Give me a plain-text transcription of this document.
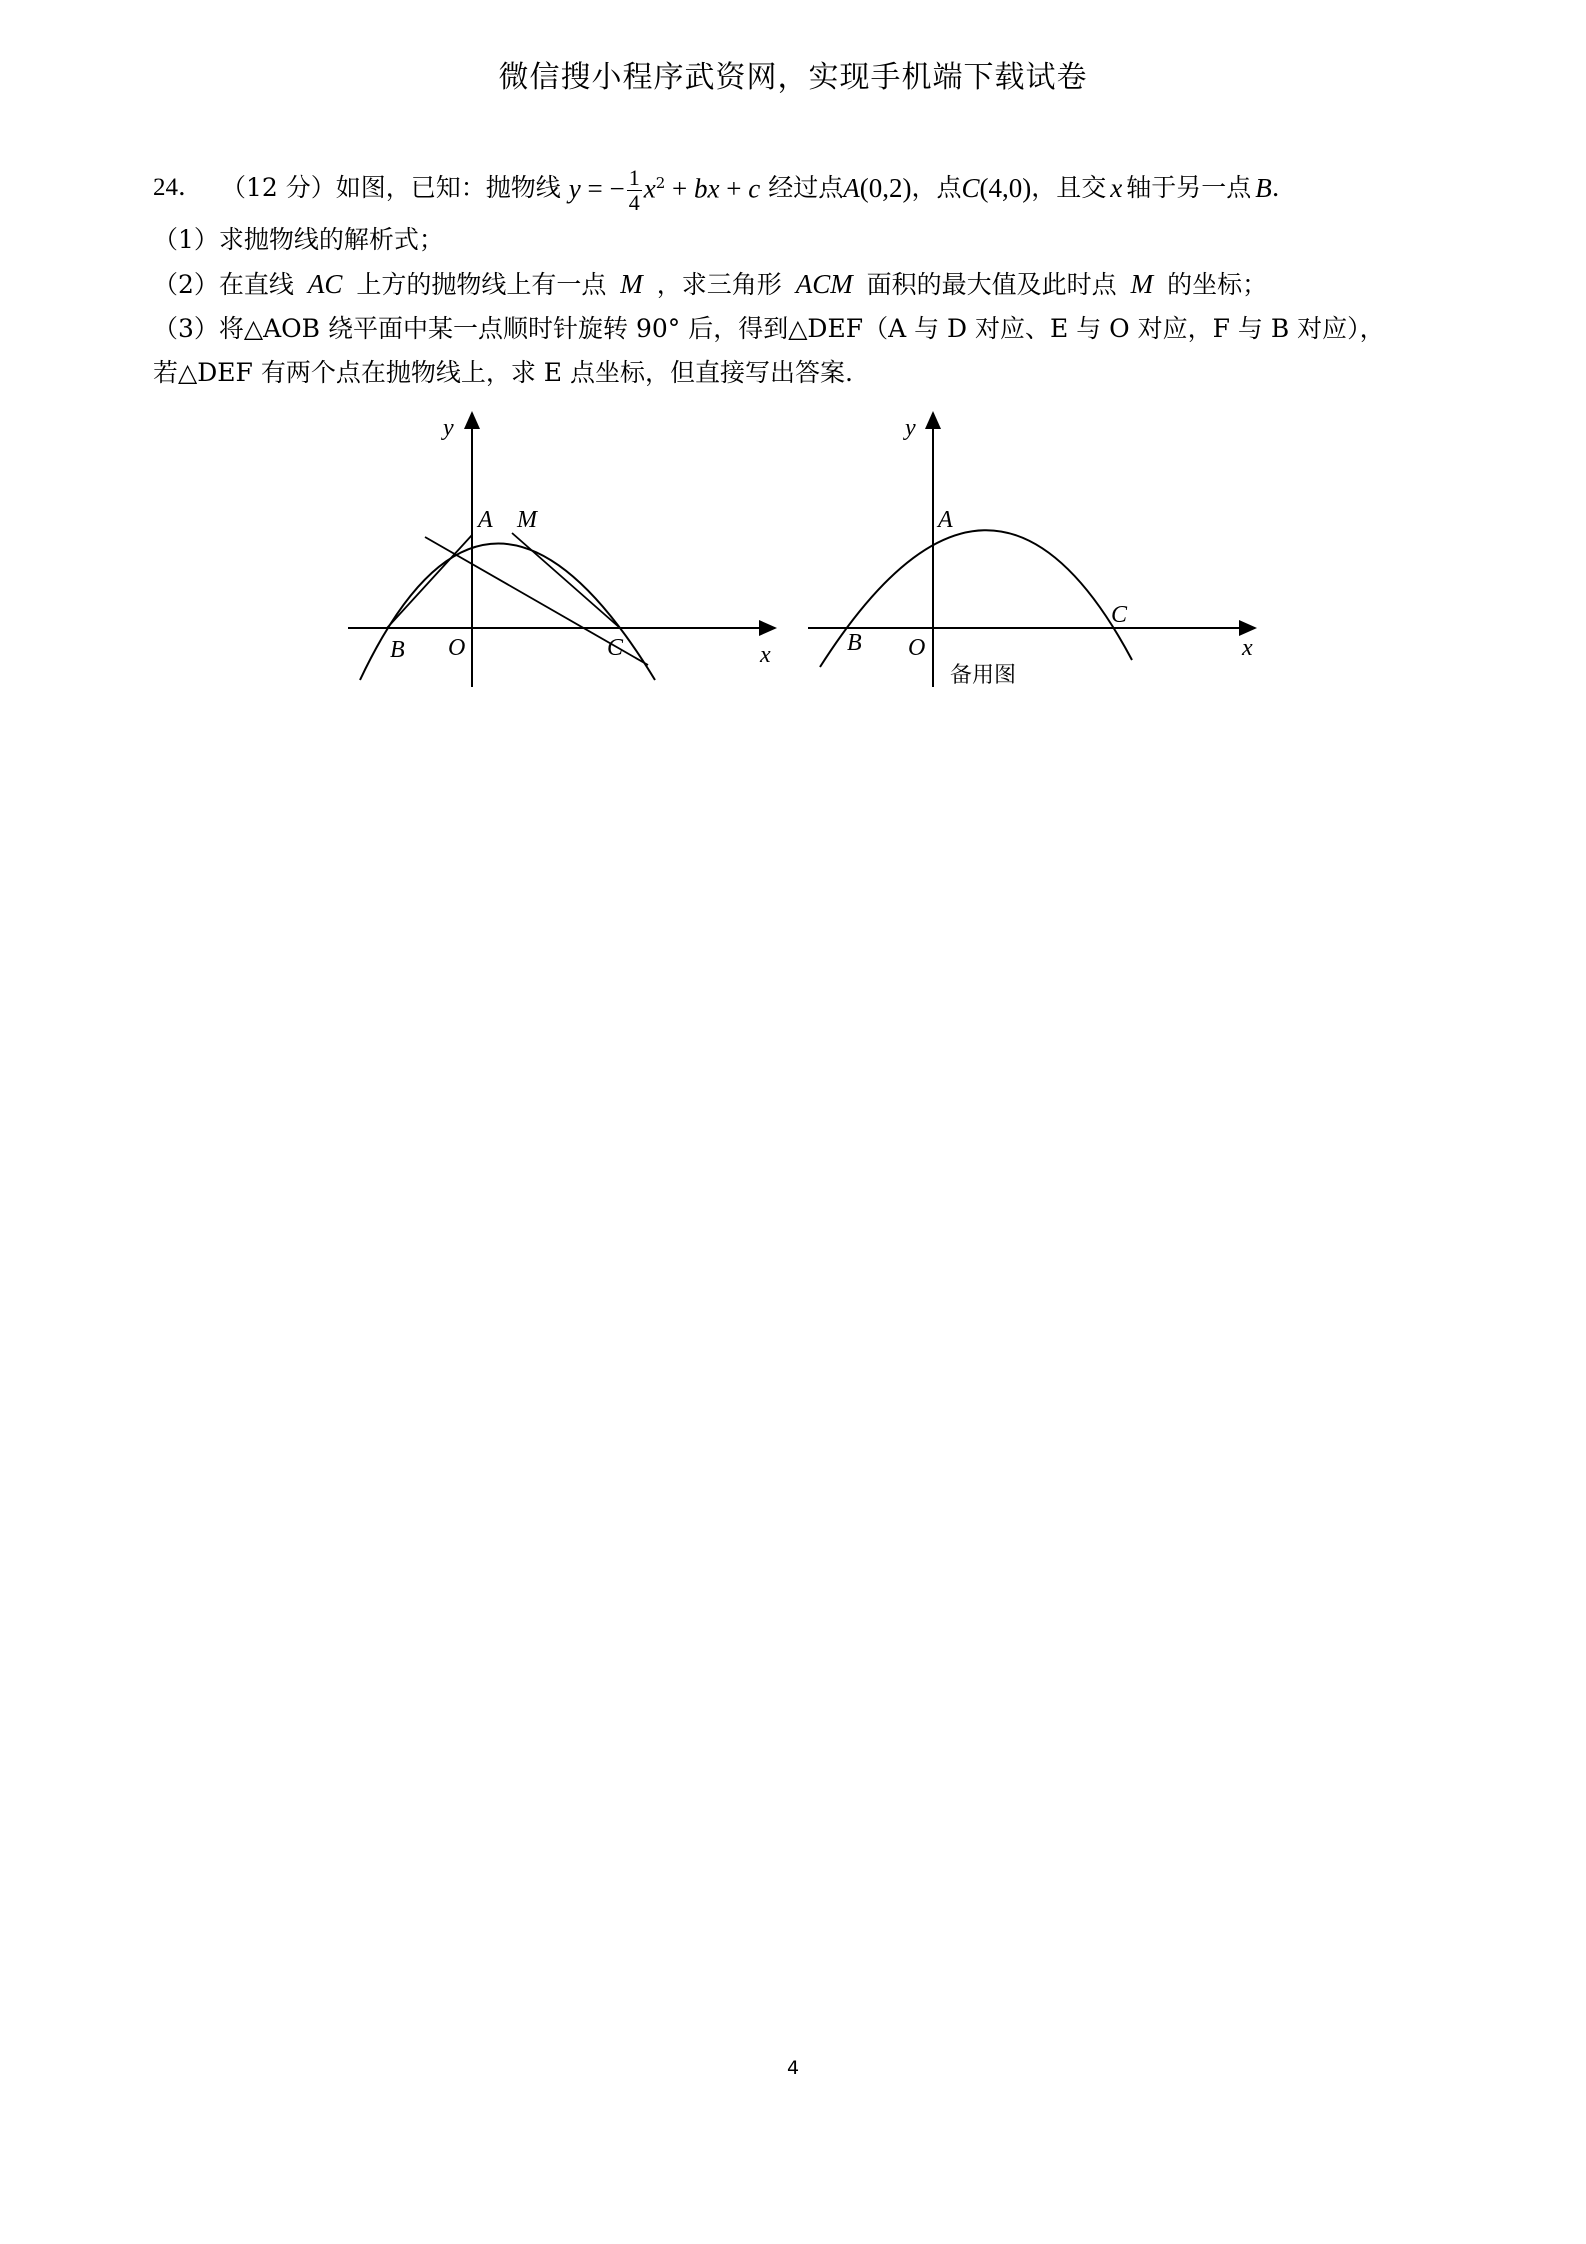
微信搜小程序武资网，实现手机端下载试卷
24． （12 分） 如图，已知：抛物线 y = − $\frac{1}{4} x^2$ + bx + c 经过点 A (0,2) ，点 C (4,0) ，且交 x 轴于另一点 B ．
（1）求抛物线的解析式；
（2）在直线 AC 上方的抛物线上有一点 M ，求三角形 ACM 面积的最大值及此时点 M 的坐标；
（3）将△AOB 绕平面中某一点顺时针旋转 90° 后，得到△DEF（A 与 D 对应、E 与 O 对应，F 与 B 对应），
若△DEF 有两个点在抛物线上，求 E 点坐标，但直接写出答案.
y
A M
B O	C	x
y
A
B O
C
x
备用图
4
